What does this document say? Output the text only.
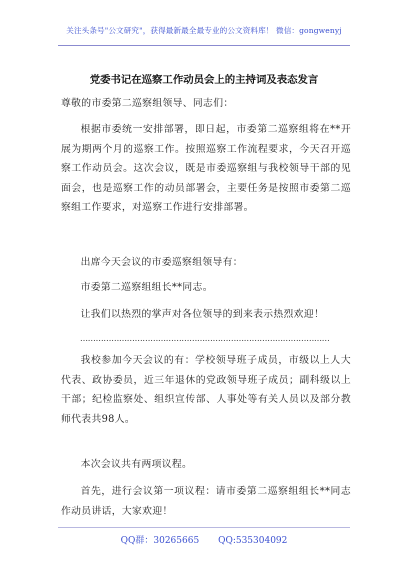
关注头条号"公文研究"，获得最新最全最专业的公文资料库！ 微信：gongwenyj
党委书记在巡察工作动员会上的主持词及表态发言
尊敬的市委第二巡察组领导、同志们：
根据市委统一安排部署，即日起，市委第二巡察组将在**开展为期两个月的巡察工作。按照巡察工作流程要求，今天召开巡察工作动员会。这次会议，既是市委巡察组与我校领导干部的见面会，也是巡察工作的动员部署会，主要任务是按照市委第二巡察组工作要求，对巡察工作进行安排部署。
出席今天会议的市委巡察组领导有：
市委第二巡察组组长**同志。
让我们以热烈的掌声对各位领导的到来表示热烈欢迎！
……………………………………………………………………………………
我校参加今天会议的有：学校领导班子成员，市级以上人大代表、政协委员，近三年退休的党政领导班子成员；副科级以上干部；纪检监察处、组织宣传部、人事处等有关人员以及部分教师代表共98人。
本次会议共有两项议程。
首先，进行会议第一项议程：请市委第二巡察组组长**同志作动员讲话，大家欢迎！
QQ群：30265665 QQ:535304092
